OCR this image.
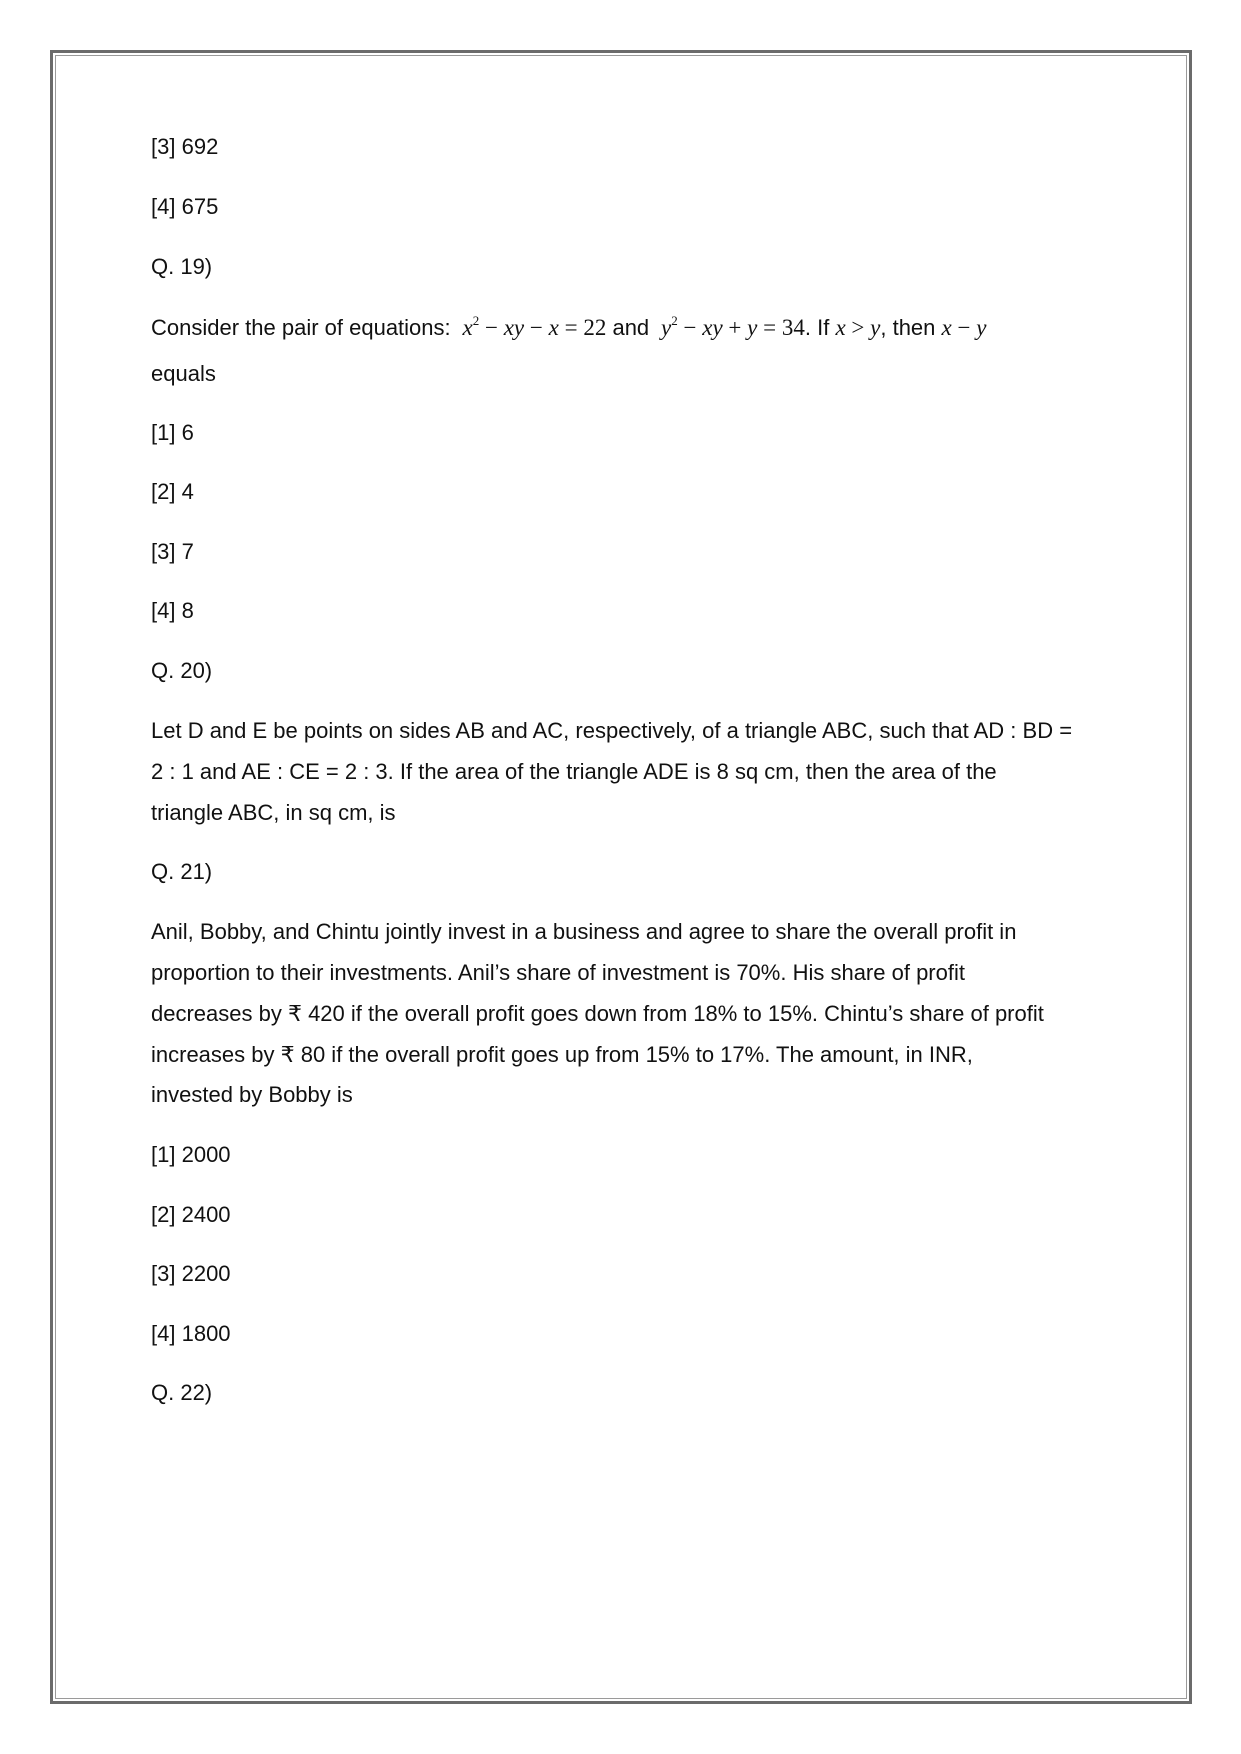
[3] 692
[4] 675
Q. 19)
Consider the pair of equations: $x^2$ − xy − x = 22 and $y^2$ − xy + y = 34. If x > y, then x − y
equals
[1] 6
[2] 4
[3] 7
[4] 8
Q. 20)
Let D and E be points on sides AB and AC, respectively, of a triangle ABC, such that AD : BD =
2 : 1 and AE : CE = 2 : 3. If the area of the triangle ADE is 8 sq cm, then the area of the
triangle ABC, in sq cm, is
Q. 21)
Anil, Bobby, and Chintu jointly invest in a business and agree to share the overall profit in
proportion to their investments. Anil’s share of investment is 70%. His share of profit
decreases by ₹ 420 if the overall profit goes down from 18% to 15%. Chintu’s share of profit
increases by ₹ 80 if the overall profit goes up from 15% to 17%. The amount, in INR,
invested by Bobby is
[1] 2000
[2] 2400
[3] 2200
[4] 1800
Q. 22)
